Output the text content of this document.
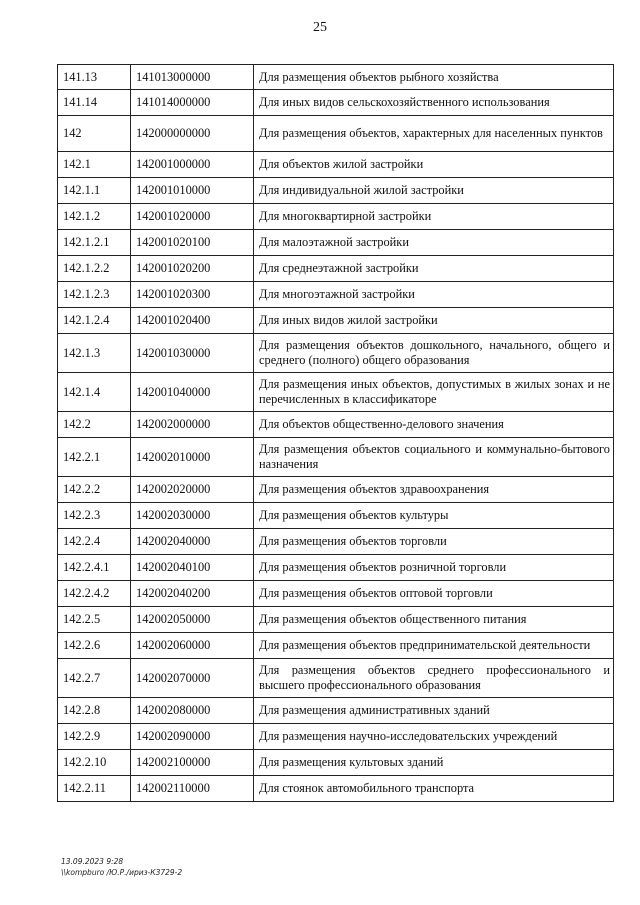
25
141.13	141013000000	Для размещения объектов рыбного хозяйства
141.14	141014000000	Для иных видов сельскохозяйственного использования
142	142000000000	Для размещения объектов, характерных для населенных пунктов
142.1	142001000000	Для объектов жилой застройки
142.1.1	142001010000	Для индивидуальной жилой застройки
142.1.2	142001020000	Для многоквартирной застройки
142.1.2.1	142001020100	Для малоэтажной застройки
142.1.2.2	142001020200	Для среднеэтажной застройки
142.1.2.3	142001020300	Для многоэтажной застройки
142.1.2.4	142001020400	Для иных видов жилой застройки
142.1.3	142001030000	Для размещения объектов дошкольного, начального, общего и среднего (полного) общего образования
142.1.4	142001040000	Для размещения иных объектов, допустимых в жилых зонах и не перечисленных в классификаторе
142.2	142002000000	Для объектов общественно-делового значения
142.2.1	142002010000	Для размещения объектов социального и коммунально-бытового назначения
142.2.2	142002020000	Для размещения объектов здравоохранения
142.2.3	142002030000	Для размещения объектов культуры
142.2.4	142002040000	Для размещения объектов торговли
142.2.4.1	142002040100	Для размещения объектов розничной торговли
142.2.4.2	142002040200	Для размещения объектов оптовой торговли
142.2.5	142002050000	Для размещения объектов общественного питания
142.2.6	142002060000	Для размещения объектов предпринимательской деятельности
142.2.7	142002070000	Для размещения объектов среднего профессионального и высшего профессионального образования
142.2.8	142002080000	Для размещения административных зданий
142.2.9	142002090000	Для размещения научно-исследовательских учреждений
142.2.10	142002100000	Для размещения культовых зданий
142.2.11	142002110000	Для стоянок автомобильного транспорта
13.09.2023 9:28
\\kompburo /Ю.Р./ириз-К3729-2
